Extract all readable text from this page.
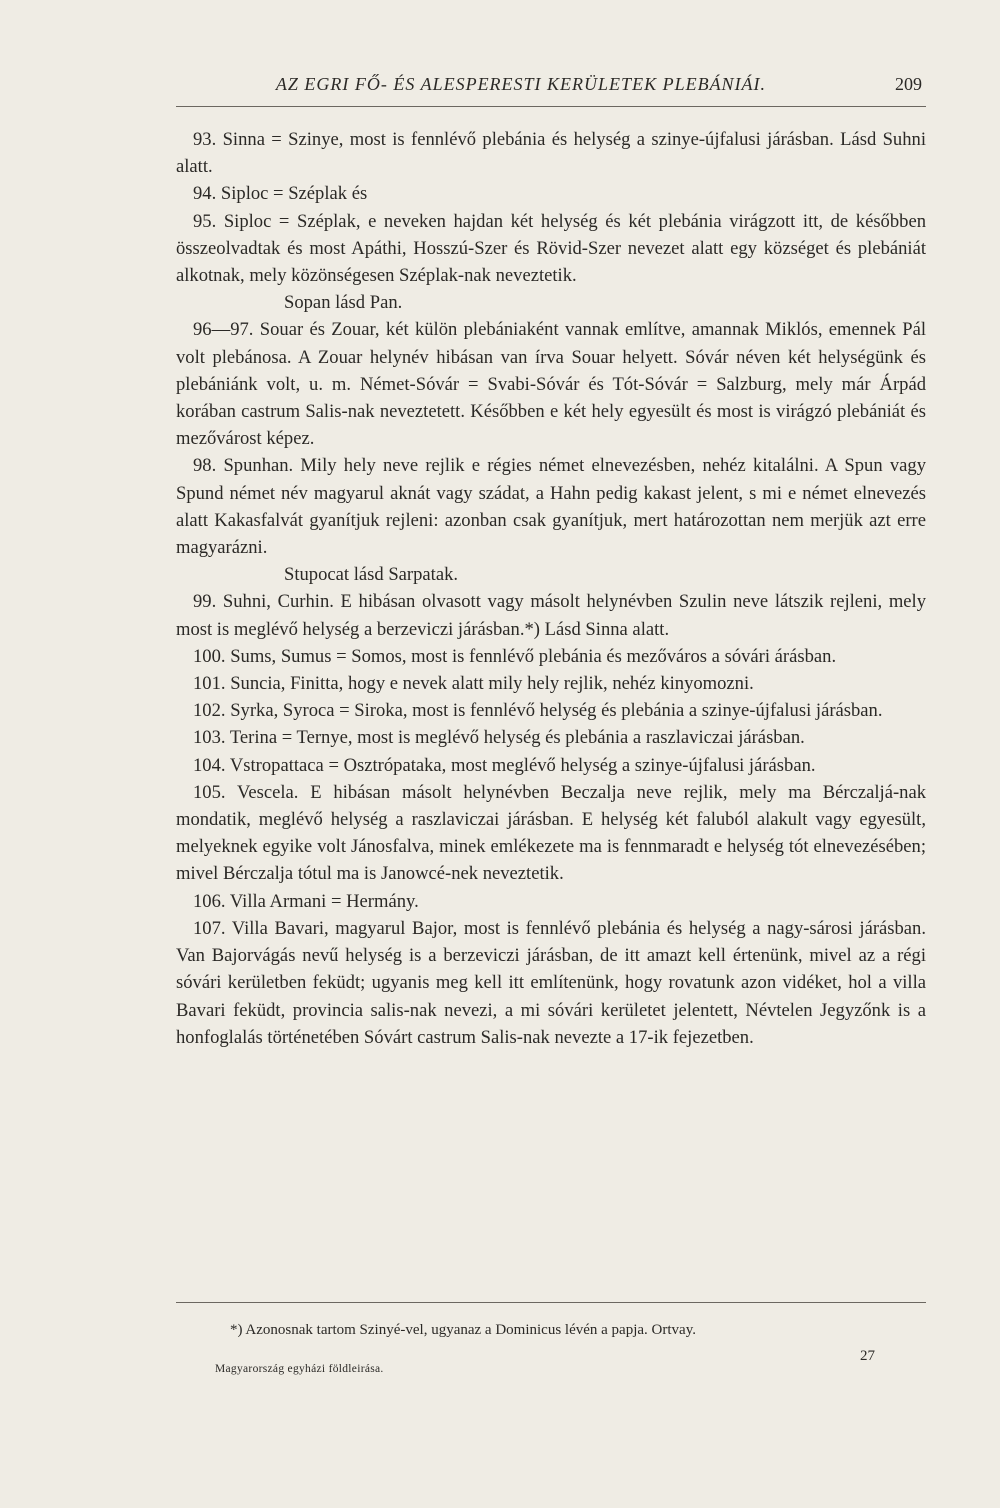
AZ EGRI FŐ- ÉS ALESPERESTI KERÜLETEK PLEBÁNIÁI.	209

93. Sinna = Szinye, most is fennlévő plebánia és helység a szinye-újfalusi járásban. Lásd Suhni alatt.

94. Siploc = Széplak és

95. Siploc = Széplak, e neveken hajdan két helység és két plebánia virágzott itt, de későbben összeolvadtak és most Apáthi, Hosszú-Szer és Rövid-Szer nevezet alatt egy községet és plebániát alkotnak, mely közönségesen Széplak-nak neveztetik.

Sopan lásd Pan.

96—97. Souar és Zouar, két külön plebániaként vannak említve, amannak Miklós, emennek Pál volt plebánosa. A Zouar helynév hibásan van írva Souar helyett. Sóvár néven két helységünk és plebániánk volt, u. m. Német-Sóvár = Svabi-Sóvár és Tót-Sóvár = Salzburg, mely már Árpád korában castrum Salis-nak neveztetett. Későbben e két hely egyesült és most is virágzó plebániát és mezővárost képez.

98. Spunhan. Mily hely neve rejlik e régies német elnevezésben, nehéz kitalálni. A Spun vagy Spund német név magyarul aknát vagy szádat, a Hahn pedig kakast jelent, s mi e német elnevezés alatt Kakasfalvát gyanítjuk rejleni: azonban csak gyanítjuk, mert határozottan nem merjük azt erre magyarázni.

Stupocat lásd Sarpatak.

99. Suhni, Curhin. E hibásan olvasott vagy másolt helynévben Szulin neve látszik rejleni, mely most is meglévő helység a berzeviczi járásban.*) Lásd Sinna alatt.

100. Sums, Sumus = Somos, most is fennlévő plebánia és mezőváros a sóvári árásban.

101. Suncia, Finitta, hogy e nevek alatt mily hely rejlik, nehéz kinyomozni.

102. Syrka, Syroca = Siroka, most is fennlévő helység és plebánia a szinye-újfalusi járásban.

103. Terina = Ternye, most is meglévő helység és plebánia a raszlaviczai járásban.

104. Vstropattaca = Osztrópataka, most meglévő helység a szinye-újfalusi járásban.

105. Vescela. E hibásan másolt helynévben Beczalja neve rejlik, mely ma Bérczaljá-nak mondatik, meglévő helység a raszlaviczai járásban. E helység két faluból alakult vagy egyesült, melyeknek egyike volt Jánosfalva, minek emlékezete ma is fennmaradt e helység tót elnevezésében; mivel Bérczalja tótul ma is Janowcé-nek neveztetik.

106. Villa Armani = Hermány.

107. Villa Bavari, magyarul Bajor, most is fennlévő plebánia és helység a nagy-sárosi járásban. Van Bajorvágás nevű helység is a berzeviczi járásban, de itt amazt kell értenünk, mivel az a régi sóvári kerületben feküdt; ugyanis meg kell itt említenünk, hogy rovatunk azon vidéket, hol a villa Bavari feküdt, provincia salis-nak nevezi, a mi sóvári kerületet jelentett, Névtelen Jegyzőnk is a honfoglalás történetében Sóvárt castrum Salis-nak nevezte a 17-ik fejezetben.

*) Azonosnak tartom Szinyé-vel, ugyanaz a Dominicus lévén a papja. Ortvay.
Magyarország egyházi földleirása.
27
